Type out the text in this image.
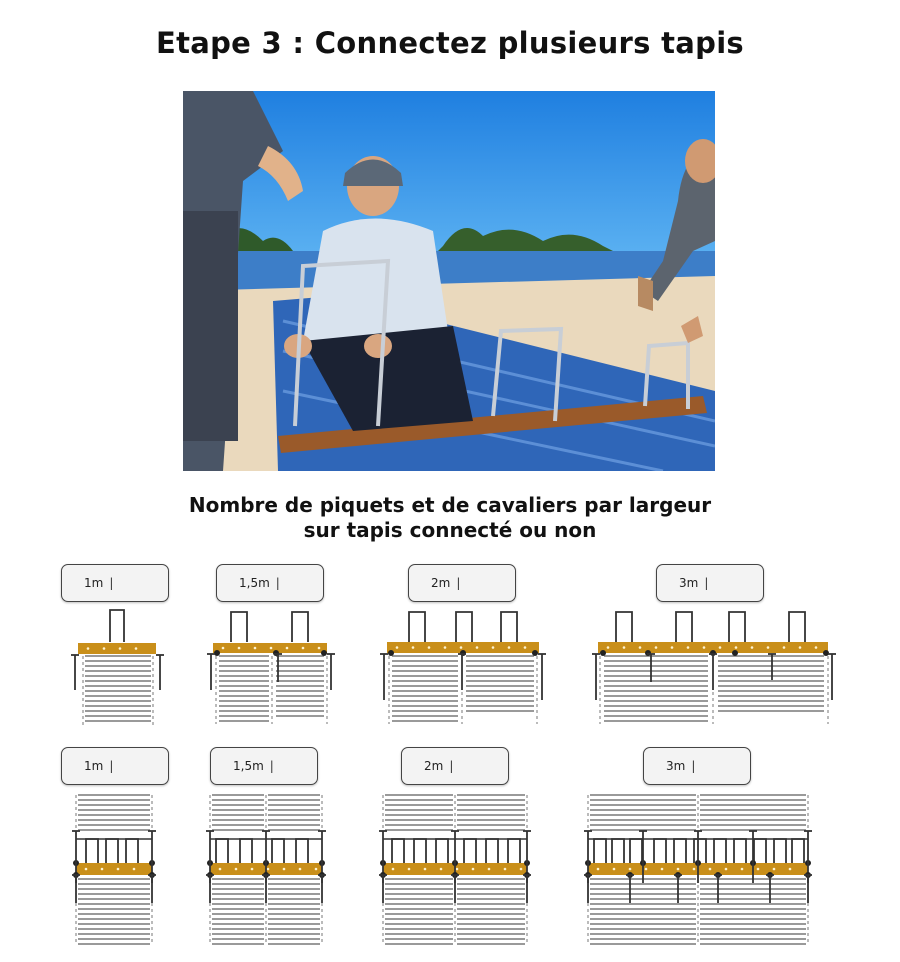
Etape 3 : Connectez plusieurs tapis
Nombre de piquets et de cavaliers par largeur
sur tapis connecté ou non
1m |	1,5m |	2m |	3m |
1m |	1,5m |	2m |	3m |
